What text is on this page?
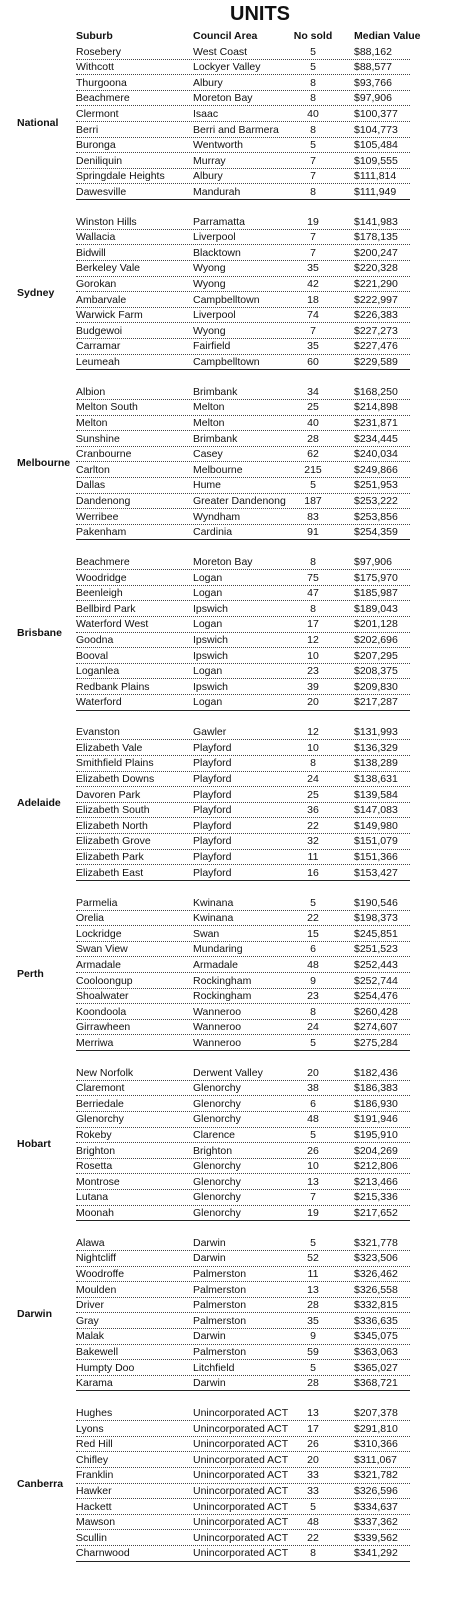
UNITS
Suburb	Council Area	No sold	Median Value
National
Rosebery	West Coast	5	$88,162
Withcott	Lockyer Valley	5	$88,577
Thurgoona	Albury	8	$93,766
Beachmere	Moreton Bay	8	$97,906
Clermont	Isaac	40	$100,377
Berri	Berri and Barmera	8	$104,773
Buronga	Wentworth	5	$105,484
Deniliquin	Murray	7	$109,555
Springdale Heights	Albury	7	$111,814
Dawesville	Mandurah	8	$111,949
Sydney
Winston Hills	Parramatta	19	$141,983
Wallacia	Liverpool	7	$178,135
Bidwill	Blacktown	7	$200,247
Berkeley Vale	Wyong	35	$220,328
Gorokan	Wyong	42	$221,290
Ambarvale	Campbelltown	18	$222,997
Warwick Farm	Liverpool	74	$226,383
Budgewoi	Wyong	7	$227,273
Carramar	Fairfield	35	$227,476
Leumeah	Campbelltown	60	$229,589
Melbourne
Albion	Brimbank	34	$168,250
Melton South	Melton	25	$214,898
Melton	Melton	40	$231,871
Sunshine	Brimbank	28	$234,445
Cranbourne	Casey	62	$240,034
Carlton	Melbourne	215	$249,866
Dallas	Hume	5	$251,953
Dandenong	Greater Dandenong	187	$253,222
Werribee	Wyndham	83	$253,856
Pakenham	Cardinia	91	$254,359
Brisbane
Beachmere	Moreton Bay	8	$97,906
Woodridge	Logan	75	$175,970
Beenleigh	Logan	47	$185,987
Bellbird Park	Ipswich	8	$189,043
Waterford West	Logan	17	$201,128
Goodna	Ipswich	12	$202,696
Booval	Ipswich	10	$207,295
Loganlea	Logan	23	$208,375
Redbank Plains	Ipswich	39	$209,830
Waterford	Logan	20	$217,287
Adelaide
Evanston	Gawler	12	$131,993
Elizabeth Vale	Playford	10	$136,329
Smithfield Plains	Playford	8	$138,289
Elizabeth Downs	Playford	24	$138,631
Davoren Park	Playford	25	$139,584
Elizabeth South	Playford	36	$147,083
Elizabeth North	Playford	22	$149,980
Elizabeth Grove	Playford	32	$151,079
Elizabeth Park	Playford	11	$151,366
Elizabeth East	Playford	16	$153,427
Perth
Parmelia	Kwinana	5	$190,546
Orelia	Kwinana	22	$198,373
Lockridge	Swan	15	$245,851
Swan View	Mundaring	6	$251,523
Armadale	Armadale	48	$252,443
Cooloongup	Rockingham	9	$252,744
Shoalwater	Rockingham	23	$254,476
Koondoola	Wanneroo	8	$260,428
Girrawheen	Wanneroo	24	$274,607
Merriwa	Wanneroo	5	$275,284
Hobart
New Norfolk	Derwent Valley	20	$182,436
Claremont	Glenorchy	38	$186,383
Berriedale	Glenorchy	6	$186,930
Glenorchy	Glenorchy	48	$191,946
Rokeby	Clarence	5	$195,910
Brighton	Brighton	26	$204,269
Rosetta	Glenorchy	10	$212,806
Montrose	Glenorchy	13	$213,466
Lutana	Glenorchy	7	$215,336
Moonah	Glenorchy	19	$217,652
Darwin
Alawa	Darwin	5	$321,778
Nightcliff	Darwin	52	$323,506
Woodroffe	Palmerston	11	$326,462
Moulden	Palmerston	13	$326,558
Driver	Palmerston	28	$332,815
Gray	Palmerston	35	$336,635
Malak	Darwin	9	$345,075
Bakewell	Palmerston	59	$363,063
Humpty Doo	Litchfield	5	$365,027
Karama	Darwin	28	$368,721
Canberra
Hughes	Unincorporated ACT	13	$207,378
Lyons	Unincorporated ACT	17	$291,810
Red Hill	Unincorporated ACT	26	$310,366
Chifley	Unincorporated ACT	20	$311,067
Franklin	Unincorporated ACT	33	$321,782
Hawker	Unincorporated ACT	33	$326,596
Hackett	Unincorporated ACT	5	$334,637
Mawson	Unincorporated ACT	48	$337,362
Scullin	Unincorporated ACT	22	$339,562
Charnwood	Unincorporated ACT	8	$341,292
